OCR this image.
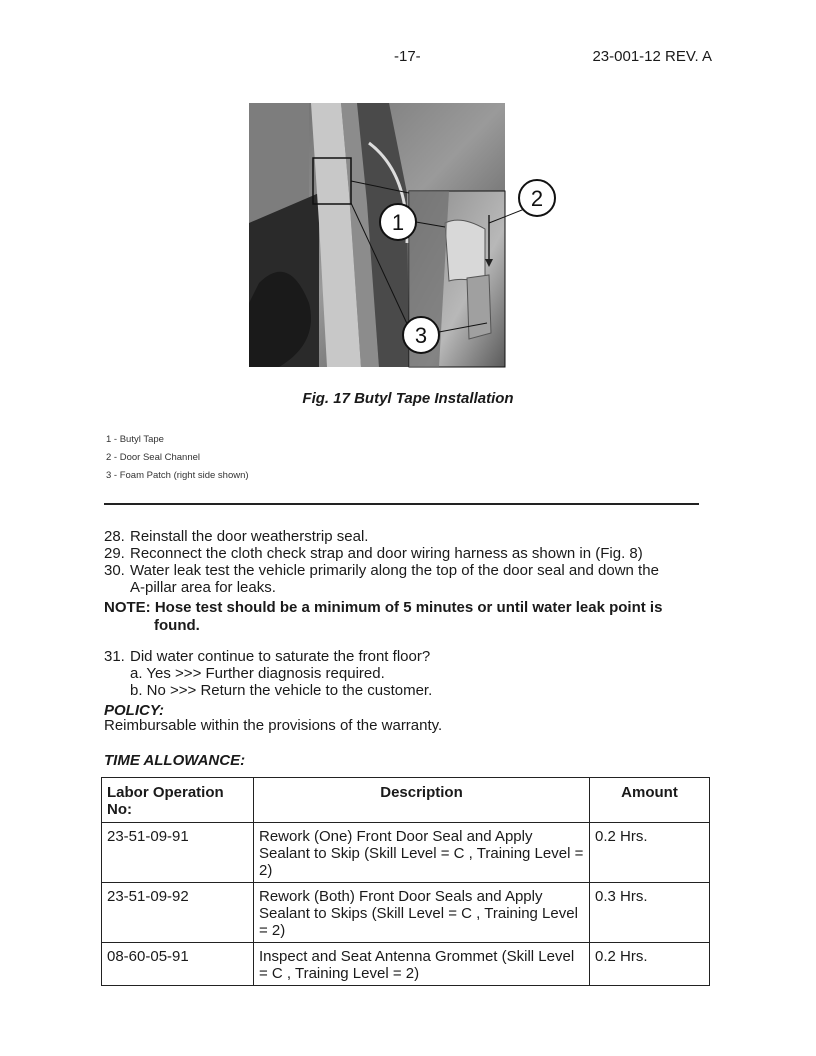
-17-	23-001-12 REV. A
1
2
3
Fig. 17 Butyl Tape Installation
1 - Butyl Tape
2 - Door Seal Channel
3 - Foam Patch (right side shown)
28. Reinstall the door weatherstrip seal.
29. Reconnect the cloth check strap and door wiring harness as shown in (Fig. 8)
30. Water leak test the vehicle primarily along the top of the door seal and down the
A-pillar area for leaks.
NOTE: Hose test should be a minimum of 5 minutes or until water leak point is
found.
31. Did water continue to saturate the front floor?
a. Yes >>> Further diagnosis required.
b. No >>> Return the vehicle to the customer.
POLICY:
Reimbursable within the provisions of the warranty.
TIME ALLOWANCE:
Labor Operation No:	Description	Amount
23-51-09-91	Rework (One) Front Door Seal and Apply Sealant to Skip (Skill Level = C , Training Level = 2)	0.2 Hrs.
23-51-09-92	Rework (Both) Front Door Seals and Apply Sealant to Skips (Skill Level = C , Training Level = 2)	0.3 Hrs.
08-60-05-91	Inspect and Seat Antenna Grommet (Skill Level = C , Training Level = 2)	0.2 Hrs.
